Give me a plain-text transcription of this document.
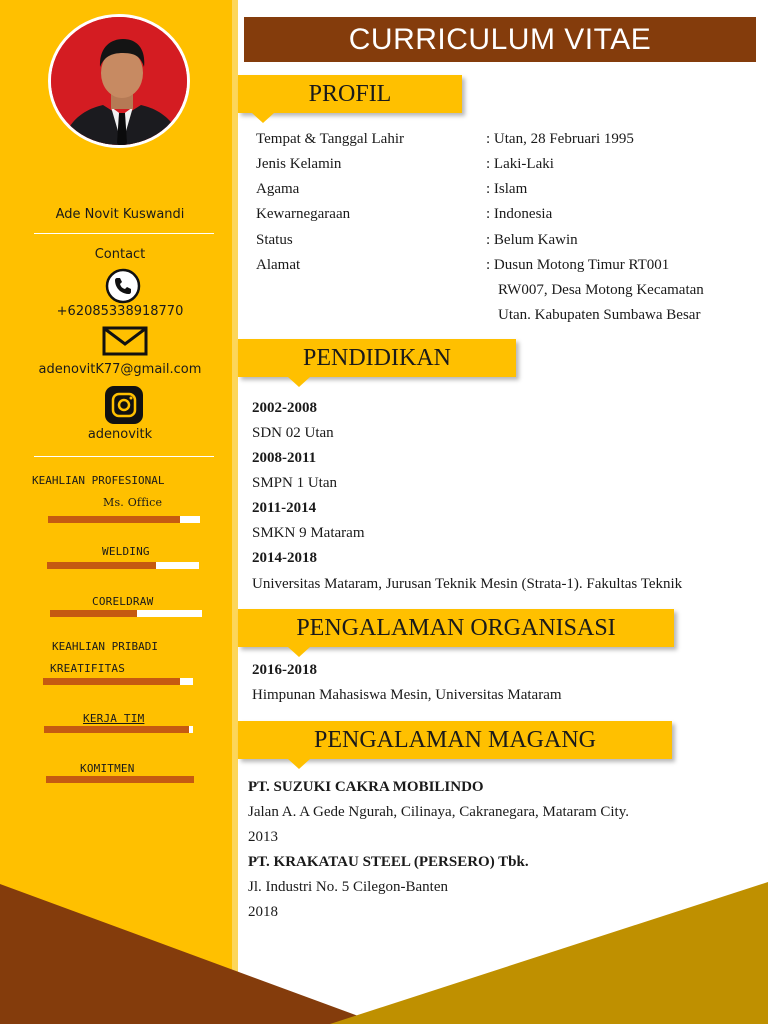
Ade Novit Kuswandi
Contact
+62085338918770
adenovitK77@gmail.com
adenovitk
KEAHLIAN PROFESIONAL
Ms. Office
WELDING
CORELDRAW
KEAHLIAN PRIBADI
KREATIFITAS
KERJA TIM
KOMITMEN
CURRICULUM VITAE
PROFIL
Tempat & Tanggal Lahir	: Utan, 28 Februari 1995
Jenis Kelamin	: Laki-Laki
Agama	: Islam
Kewarnegaraan	: Indonesia
Status	: Belum Kawin
Alamat	: Dusun Motong Timur RT001
RW007, Desa Motong Kecamatan
Utan. Kabupaten Sumbawa Besar
PENDIDIKAN
2002-2008
SDN 02 Utan
2008-2011
SMPN 1 Utan
2011-2014
SMKN 9 Mataram
2014-2018
Universitas Mataram, Jurusan Teknik Mesin (Strata-1). Fakultas Teknik
PENGALAMAN ORGANISASI
2016-2018
Himpunan Mahasiswa Mesin, Universitas Mataram
PENGALAMAN MAGANG
PT. SUZUKI CAKRA MOBILINDO
Jalan A. A Gede Ngurah, Cilinaya, Cakranegara, Mataram City.
2013
PT. KRAKATAU STEEL (PERSERO) Tbk.
Jl. Industri No. 5 Cilegon-Banten
2018
